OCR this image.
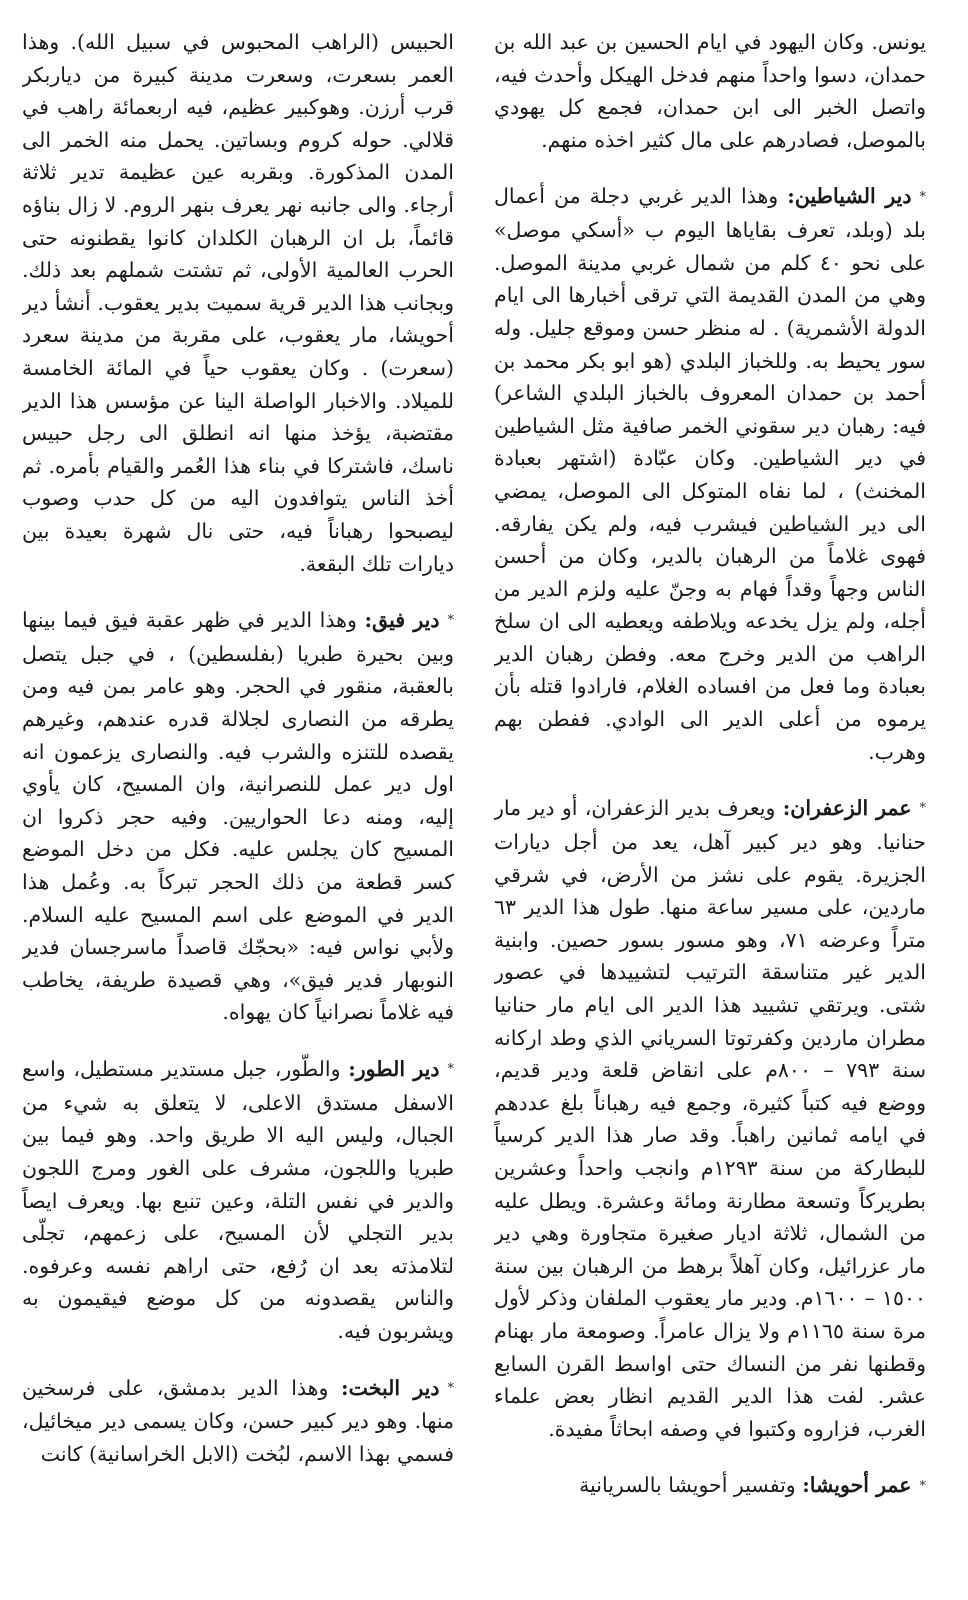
يونس. وكان اليهود في ايام الحسين بن عبد الله بن حمدان، دسوا واحداً منهم فدخل الهيكل وأحدث فيه، واتصل الخبر الى ابن حمدان، فجمع كل يهودي بالموصل، فصادرهم على مال كثير اخذه منهم.

*دير الشياطين: وهذا الدير غربي دجلة من أعمال بلد (وبلد، تعرف بقاياها اليوم ب «أسكي موصل» على نحو ٤٠ كلم من شمال غربي مدينة الموصل. وهي من المدن القديمة التي ترقى أخبارها الى ايام الدولة الأشمرية) . له منظر حسن وموقع جليل. وله سور يحيط به. وللخباز البلدي (هو ابو بكر محمد بن أحمد بن حمدان المعروف بالخباز البلدي الشاعر) فيه: رهبان دير سقوني الخمر صافية مثل الشياطين في دير الشياطين. وكان عبّادة (اشتهر بعبادة المخنث) ، لما نفاه المتوكل الى الموصل، يمضي الى دير الشياطين فيشرب فيه، ولم يكن يفارقه. فهوى غلاماً من الرهبان بالدير، وكان من أحسن الناس وجهاً وقداً فهام به وجنّ عليه ولزم الدير من أجله، ولم يزل يخدعه ويلاطفه ويعطيه الى ان سلخ الراهب من الدير وخرج معه. وفطن رهبان الدير بعبادة وما فعل من افساده الغلام، فارادوا قتله بأن يرموه من أعلى الدير الى الوادي. ففطن بهم وهرب.

*عمر الزعفران: ويعرف بدير الزعفران، أو دير مار حنانيا. وهو دير كبير آهل، يعد من أجل ديارات الجزيرة. يقوم على نشز من الأرض، في شرقي ماردين، على مسير ساعة منها. طول هذا الدير ٦٣ متراً وعرضه ٧١، وهو مسور بسور حصين. وابنية الدير غير متناسقة الترتيب لتشييدها في عصور شتى. ويرتقي تشييد هذا الدير الى ايام مار حنانيا مطران ماردين وكفرتوتا السرياني الذي وطد اركانه سنة ٧٩٣ – ٨٠٠م على انقاض قلعة ودير قديم، ووضع فيه كتباً كثيرة، وجمع فيه رهباناً بلغ عددهم في ايامه ثمانين راهباً. وقد صار هذا الدير كرسياً للبطاركة من سنة ١٢٩٣م وانجب واحداً وعشرين بطريركاً وتسعة مطارنة ومائة وعشرة. ويطل عليه من الشمال، ثلاثة اديار صغيرة متجاورة وهي دير مار عزرائيل، وكان آهلاً برهط من الرهبان بين سنة ١٥٠٠ – ١٦٠٠م. ودير مار يعقوب الملفان وذكر لأول مرة سنة ١١٦٥م ولا يزال عامراً. وصومعة مار بهنام وقطنها نفر من النساك حتى اواسط القرن السابع عشر. لفت هذا الدير القديم انظار بعض علماء الغرب، فزاروه وكتبوا في وصفه ابحاثاً مفيدة.

*عمر أحويشا: وتفسير أحويشا بالسريانية

الحبيس (الراهب المحبوس في سبيل الله). وهذا العمر بسعرت، وسعرت مدينة كبيرة من دياربكر قرب أرزن. وهوكبير عظيم، فيه اربعمائة راهب في قلالي. حوله كروم وبساتين. يحمل منه الخمر الى المدن المذكورة. وبقربه عين عظيمة تدير ثلاثة أرجاء. والى جانبه نهر يعرف بنهر الروم. لا زال بناؤه قائماً، بل ان الرهبان الكلدان كانوا يقطنونه حتى الحرب العالمية الأولى، ثم تشتت شملهم بعد ذلك. وبجانب هذا الدير قرية سميت بدير يعقوب. أنشأ دير أحويشا، مار يعقوب، على مقربة من مدينة سعرد (سعرت) . وكان يعقوب حياً في المائة الخامسة للميلاد. والاخبار الواصلة الينا عن مؤسس هذا الدير مقتضبة، يؤخذ منها انه انطلق الى رجل حبيس ناسك، فاشتركا في بناء هذا العُمر والقيام بأمره. ثم أخذ الناس يتوافدون اليه من كل حدب وصوب ليصبحوا رهباناً فيه، حتى نال شهرة بعيدة بين ديارات تلك البقعة.

*دير فيق: وهذا الدير في ظهر عقبة فيق فيما بينها وبين بحيرة طبريا (بفلسطين) ، في جبل يتصل بالعقبة، منقور في الحجر. وهو عامر بمن فيه ومن يطرقه من النصارى لجلالة قدره عندهم، وغيرهم يقصده للتنزه والشرب فيه. والنصارى يزعمون انه اول دير عمل للنصرانية، وان المسيح، كان يأوي إليه، ومنه دعا الحواريين. وفيه حجر ذكروا ان المسيح كان يجلس عليه. فكل من دخل الموضع كسر قطعة من ذلك الحجر تبركاً به. وعُمل هذا الدير في الموضع على اسم المسيح عليه السلام. ولأبي نواس فيه: «بحجّك قاصداً ماسرجسان فدير النوبهار فدير فيق»، وهي قصيدة طريفة، يخاطب فيه غلاماً نصرانياً كان يهواه.

*دير الطور: والطّور، جبل مستدير مستطيل، واسع الاسفل مستدق الاعلى، لا يتعلق به شيء من الجبال، وليس اليه الا طريق واحد. وهو فيما بين طبريا واللجون، مشرف على الغور ومرج اللجون والدير في نفس التلة، وعين تنبع بها. ويعرف ايصاً بدير التجلي لأن المسيح، على زعمهم، تجلّى لتلامذته بعد ان رُفع، حتى اراهم نفسه وعرفوه. والناس يقصدونه من كل موضع فيقيمون به ويشربون فيه.

*دير البخت: وهذا الدير بدمشق، على فرسخين منها. وهو دير كبير حسن، وكان يسمى دير ميخائيل، فسمي بهذا الاسم، لبُخت (الابل الخراسانية) كانت
